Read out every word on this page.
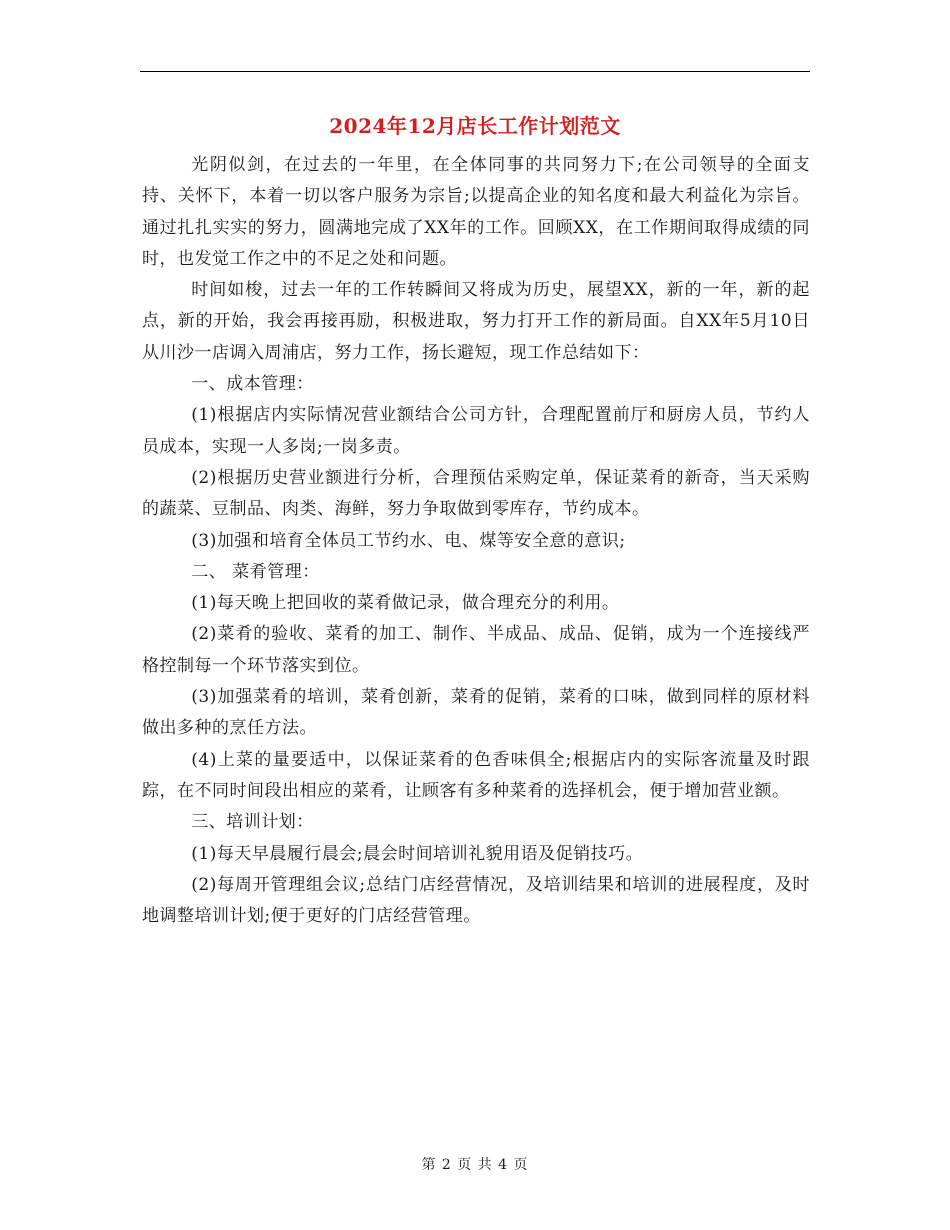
2024年12月店长工作计划范文

光阴似剑，在过去的一年里，在全体同事的共同努力下;在公司领导的全面支持、关怀下，本着一切以客户服务为宗旨;以提高企业的知名度和最大利益化为宗旨。通过扎扎实实的努力，圆满地完成了XX年的工作。回顾XX，在工作期间取得成绩的同时，也发觉工作之中的不足之处和问题。

时间如梭，过去一年的工作转瞬间又将成为历史，展望XX，新的一年，新的起点，新的开始，我会再接再励，积极进取，努力打开工作的新局面。自XX年5月10日从川沙一店调入周浦店，努力工作，扬长避短，现工作总结如下：

一、成本管理：

(1)根据店内实际情况营业额结合公司方针，合理配置前厅和厨房人员，节约人员成本，实现一人多岗;一岗多责。

(2)根据历史营业额进行分析，合理预估采购定单，保证菜肴的新奇，当天采购的蔬菜、豆制品、肉类、海鲜，努力争取做到零库存，节约成本。

(3)加强和培育全体员工节约水、电、煤等安全意的意识;

二、 菜肴管理：

(1)每天晚上把回收的菜肴做记录，做合理充分的利用。

(2)菜肴的验收、菜肴的加工、制作、半成品、成品、促销，成为一个连接线严格控制每一个环节落实到位。

(3)加强菜肴的培训，菜肴创新，菜肴的促销，菜肴的口味，做到同样的原材料做出多种的烹任方法。

(4)上菜的量要适中，以保证菜肴的色香味俱全;根据店内的实际客流量及时跟踪，在不同时间段出相应的菜肴，让顾客有多种菜肴的选择机会，便于增加营业额。

三、培训计划：

(1)每天早晨履行晨会;晨会时间培训礼貌用语及促销技巧。

(2)每周开管理组会议;总结门店经营情况，及培训结果和培训的进展程度，及时地调整培训计划;便于更好的门店经营管理。

第 2 页 共 4 页
